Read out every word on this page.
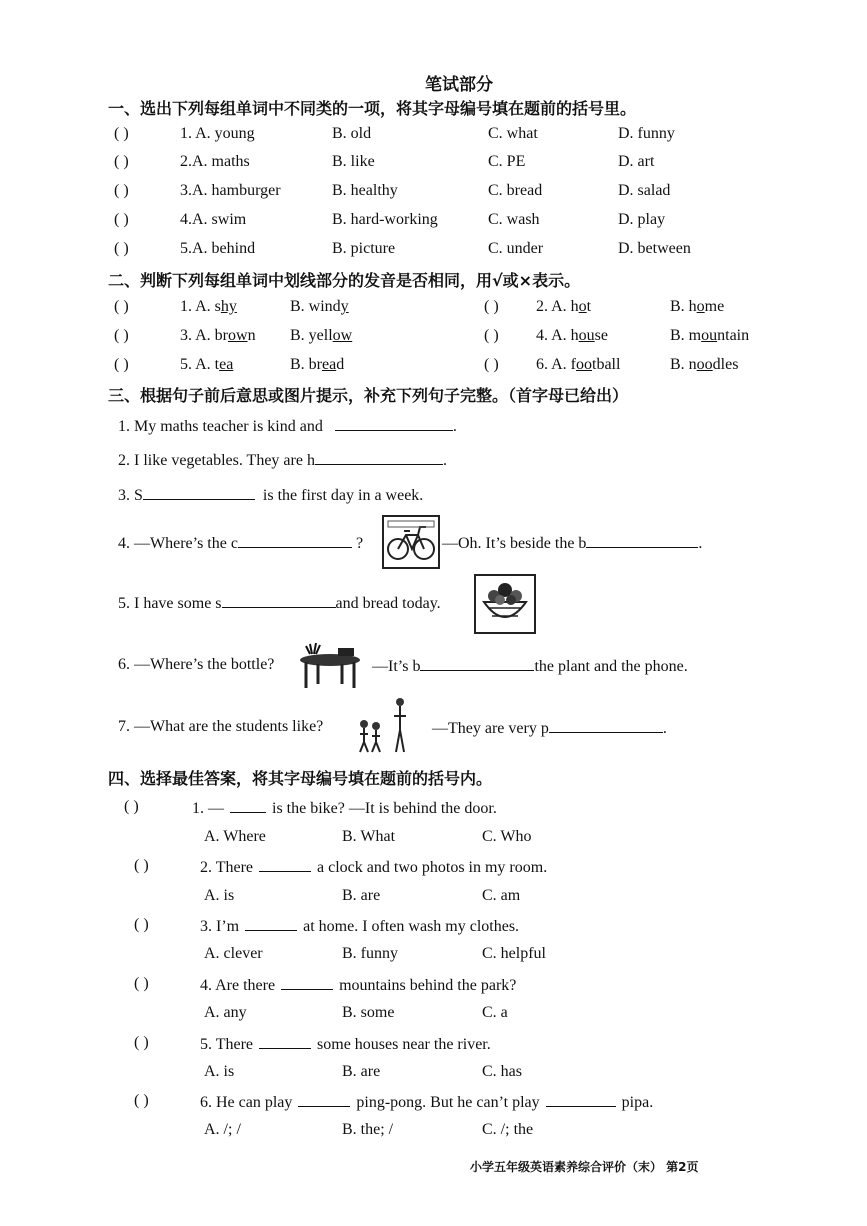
笔试部分
一、选出下列每组单词中不同类的一项，将其字母编号填在题前的括号里。
( )	1. A. young	B. old	C. what	D. funny
( )	2.A. maths	B. like	C. PE	D. art
( )	3.A. hamburger	B. healthy	C. bread	D. salad
( )	4.A. swim	B. hard-working	C. wash	D. play
( )	5.A. behind	B. picture	C. under	D. between
二、判断下列每组单词中划线部分的发音是否相同，用√或×表示。
( )	1. A. shy	B. windy	( ) 2. A. hot	B. home
( )	3. A. brown B. yellow	( ) 4. A. house	B. mountain
( )	5. A. tea	B. bread	( ) 6. A. football	B. noodles
三、根据句子前后意思或图片提示，补充下列句子完整。（首字母已给出）
1. My maths teacher is kind and	.
2. I like vegetables. They are h	.
3. S	is the first day in a week.
4. —Where’s the c	?	—Oh. It’s beside the b	.
5. I have some s	and bread today.
6. —Where’s the bottle?	—It’s b	the plant and the phone.
7. —What are the students like?	—They are very p	.
四、选择最佳答案，将其字母编号填在题前的括号内。
( )	1. —	is the bike? —It is behind the door.
A. Where	B. What	C. Who
( )	2. There	a clock and two photos in my room.
A. is	B. are	C. am
( )	3. I’m	at home. I often wash my clothes.
A. clever	B. funny	C. helpful
( )	4. Are there	mountains behind the park?
A. any	B. some	C. a
( )	5. There	some houses near the river.
A. is	B. are	C. has
( )	6. He can play	ping-pong. But he can’t play	pipa.
A. /; /	B. the; /	C. /; the
小学五年级英语素养综合评价（末） 第2页
